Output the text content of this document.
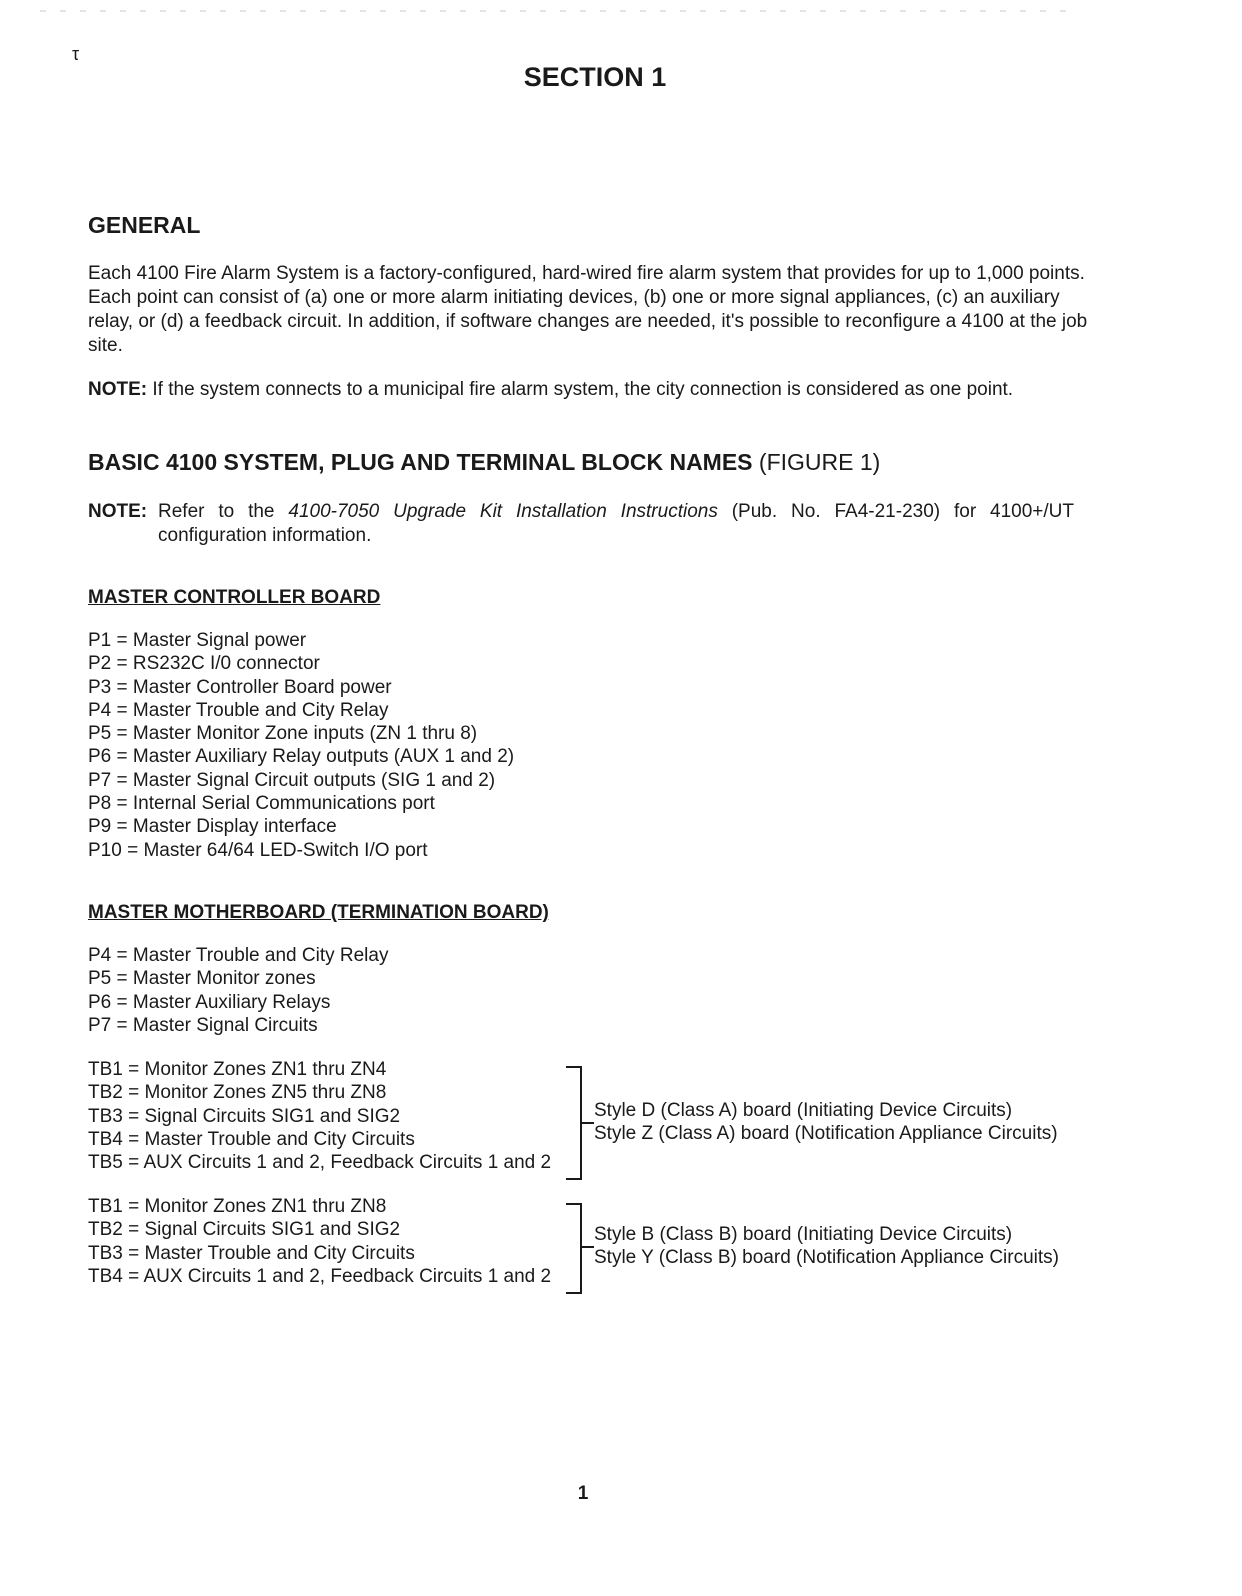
τ
SECTION 1
GENERAL
Each 4100 Fire Alarm System is a factory-configured, hard-wired fire alarm system that provides for up to 1,000 points. Each point can consist of (a) one or more alarm initiating devices, (b) one or more signal appliances, (c) an auxiliary relay, or (d) a feedback circuit. In addition, if software changes are needed, it's possible to reconfigure a 4100 at the job site.
NOTE: If the system connects to a municipal fire alarm system, the city connection is considered as one point.
BASIC 4100 SYSTEM, PLUG AND TERMINAL BLOCK NAMES (FIGURE 1)
NOTE: Refer to the 4100-7050 Upgrade Kit Installation Instructions (Pub. No. FA4-21-230) for 4100+/UT configuration information.
MASTER CONTROLLER BOARD
P1 = Master Signal power
P2 = RS232C I/0 connector
P3 = Master Controller Board power
P4 = Master Trouble and City Relay
P5 = Master Monitor Zone inputs (ZN 1 thru 8)
P6 = Master Auxiliary Relay outputs (AUX 1 and 2)
P7 = Master Signal Circuit outputs (SIG 1 and 2)
P8 = Internal Serial Communications port
P9 = Master Display interface
P10 = Master 64/64 LED-Switch I/O port
MASTER MOTHERBOARD (TERMINATION BOARD)
P4 = Master Trouble and City Relay
P5 = Master Monitor zones
P6 = Master Auxiliary Relays
P7 = Master Signal Circuits
TB1 = Monitor Zones ZN1 thru ZN4
TB2 = Monitor Zones ZN5 thru ZN8
TB3 = Signal Circuits SIG1 and SIG2
TB4 = Master Trouble and City Circuits
TB5 = AUX Circuits 1 and 2, Feedback Circuits 1 and 2
Style D (Class A) board (Initiating Device Circuits)
Style Z (Class A) board (Notification Appliance Circuits)
TB1 = Monitor Zones ZN1 thru ZN8
TB2 = Signal Circuits SIG1 and SIG2
TB3 = Master Trouble and City Circuits
TB4 = AUX Circuits 1 and 2, Feedback Circuits 1 and 2
Style B (Class B) board (Initiating Device Circuits)
Style Y (Class B) board (Notification Appliance Circuits)
1
